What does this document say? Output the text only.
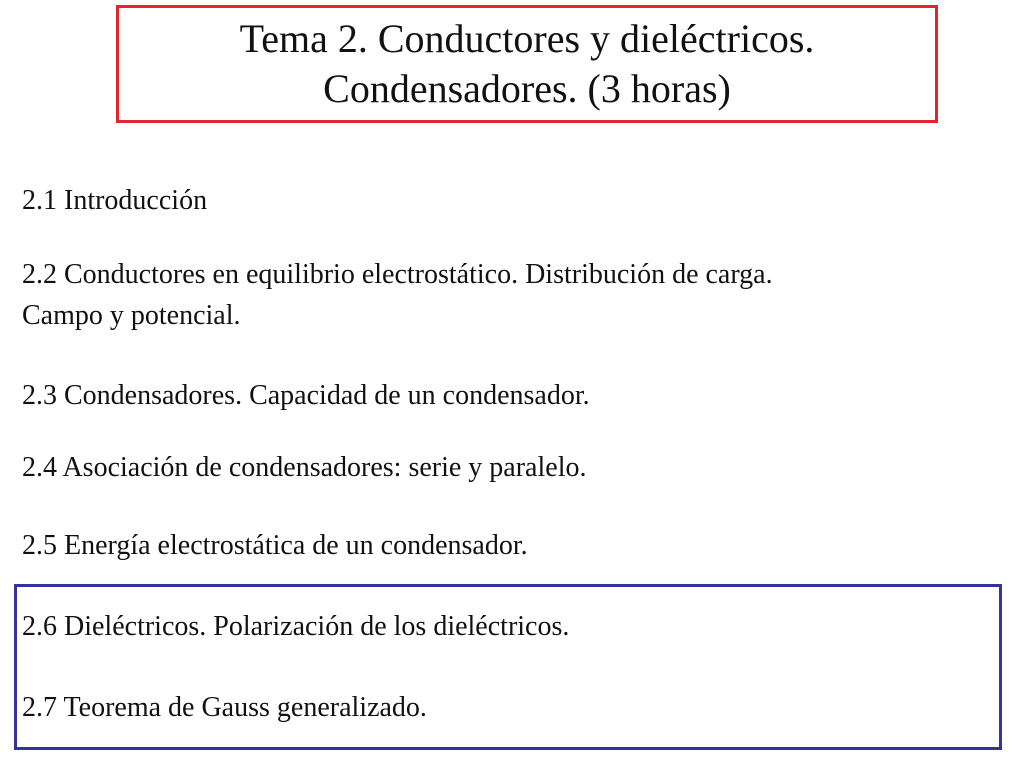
Tema 2. Conductores y dieléctricos.
Condensadores. (3 horas)
2.1 Introducción
2.2 Conductores en equilibrio electrostático. Distribución de carga.
Campo y potencial.
2.3 Condensadores. Capacidad de un condensador.
2.4 Asociación de condensadores: serie y paralelo.
2.5 Energía electrostática de un condensador.
2.6 Dieléctricos. Polarización de los dieléctricos.
2.7 Teorema de Gauss generalizado.
